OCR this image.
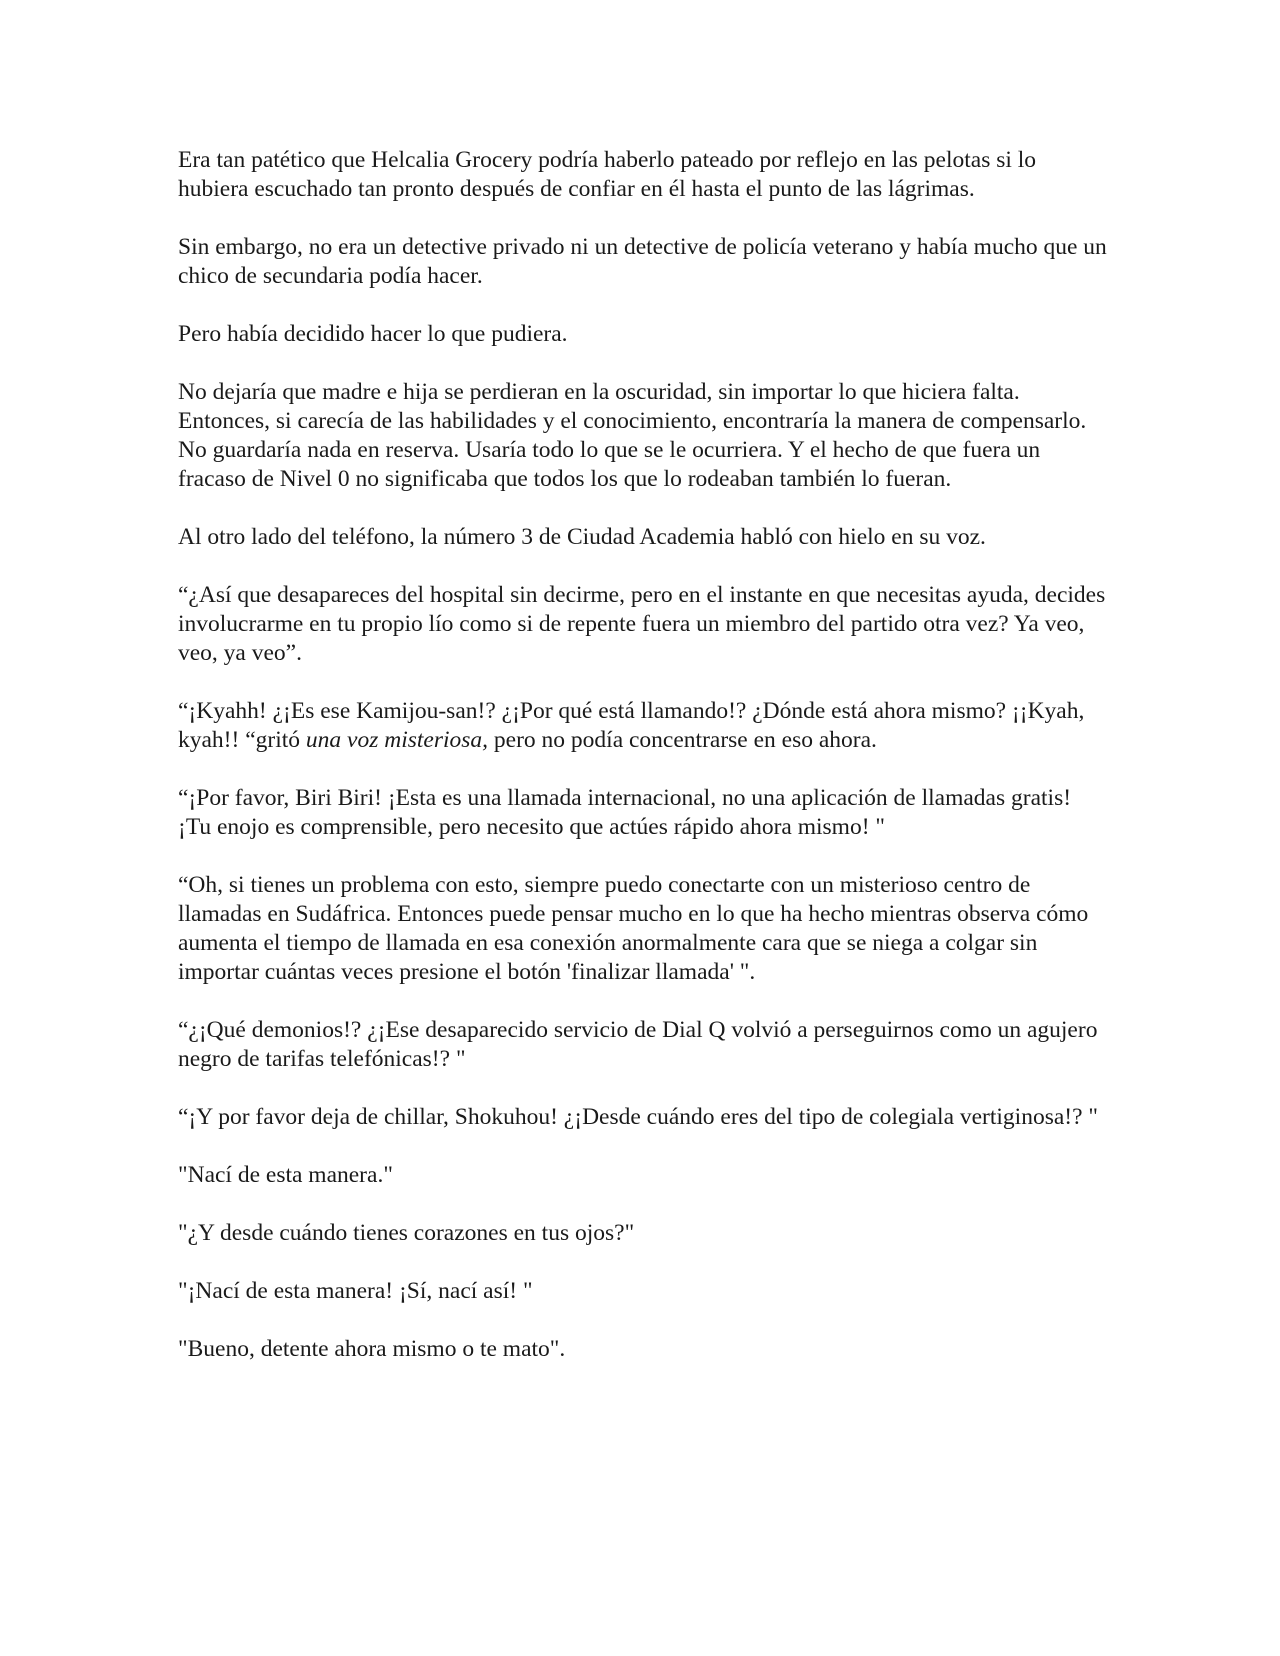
Era tan patético que Helcalia Grocery podría haberlo pateado por reflejo en las pelotas si lo hubiera escuchado tan pronto después de confiar en él hasta el punto de las lágrimas.

Sin embargo, no era un detective privado ni un detective de policía veterano y había mucho que un chico de secundaria podía hacer.

Pero había decidido hacer lo que pudiera.

No dejaría que madre e hija se perdieran en la oscuridad, sin importar lo que hiciera falta. Entonces, si carecía de las habilidades y el conocimiento, encontraría la manera de compensarlo. No guardaría nada en reserva. Usaría todo lo que se le ocurriera. Y el hecho de que fuera un fracaso de Nivel 0 no significaba que todos los que lo rodeaban también lo fueran.

Al otro lado del teléfono, la número 3 de Ciudad Academia habló con hielo en su voz.

“¿Así que desapareces del hospital sin decirme, pero en el instante en que necesitas ayuda, decides involucrarme en tu propio lío como si de repente fuera un miembro del partido otra vez? Ya veo, veo, ya veo”.

“¡Kyahh! ¿¡Es ese Kamijou-san!? ¿¡Por qué está llamando!? ¿Dónde está ahora mismo? ¡¡Kyah, kyah!! “gritó una voz misteriosa, pero no podía concentrarse en eso ahora.

“¡Por favor, Biri Biri! ¡Esta es una llamada internacional, no una aplicación de llamadas gratis! ¡Tu enojo es comprensible, pero necesito que actúes rápido ahora mismo! "

“Oh, si tienes un problema con esto, siempre puedo conectarte con un misterioso centro de llamadas en Sudáfrica. Entonces puede pensar mucho en lo que ha hecho mientras observa cómo aumenta el tiempo de llamada en esa conexión anormalmente cara que se niega a colgar sin importar cuántas veces presione el botón 'finalizar llamada' ".

“¿¡Qué demonios!? ¿¡Ese desaparecido servicio de Dial Q volvió a perseguirnos como un agujero negro de tarifas telefónicas!? "

“¡Y por favor deja de chillar, Shokuhou! ¿¡Desde cuándo eres del tipo de colegiala vertiginosa!? "

"Nací de esta manera."

"¿Y desde cuándo tienes corazones en tus ojos?"

"¡Nací de esta manera! ¡Sí, nací así! "

"Bueno, detente ahora mismo o te mato".
